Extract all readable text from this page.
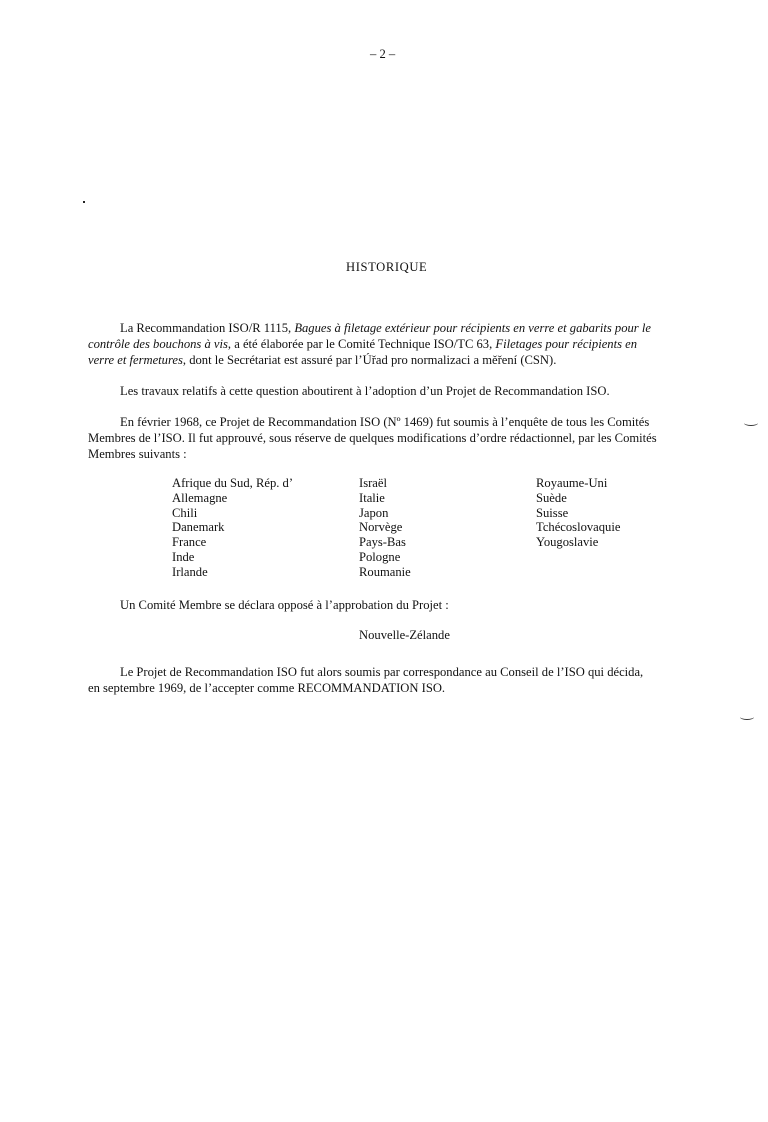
– 2 –
HISTORIQUE
La Recommandation ISO/R 1115, Bagues à filetage extérieur pour récipients en verre et gabarits pour le
contrôle des bouchons à vis, a été élaborée par le Comité Technique ISO/TC 63, Filetages pour récipients en
verre et fermetures, dont le Secrétariat est assuré par l’Úřad pro normalizaci a měření (CSN).
Les travaux relatifs à cette question aboutirent à l’adoption d’un Projet de Recommandation ISO.
En février 1968, ce Projet de Recommandation ISO (Nº 1469) fut soumis à l’enquête de tous les Comités
Membres de l’ISO. Il fut approuvé, sous réserve de quelques modifications d’ordre rédactionnel, par les Comités
Membres suivants :
Afrique du Sud, Rép. d’
Allemagne
Chili
Danemark
France
Inde
Irlande
Israël
Italie
Japon
Norvège
Pays-Bas
Pologne
Roumanie
Royaume-Uni
Suède
Suisse
Tchécoslovaquie
Yougoslavie
Un Comité Membre se déclara opposé à l’approbation du Projet :
Nouvelle-Zélande
Le Projet de Recommandation ISO fut alors soumis par correspondance au Conseil de l’ISO qui décida,
en septembre 1969, de l’accepter comme RECOMMANDATION ISO.
